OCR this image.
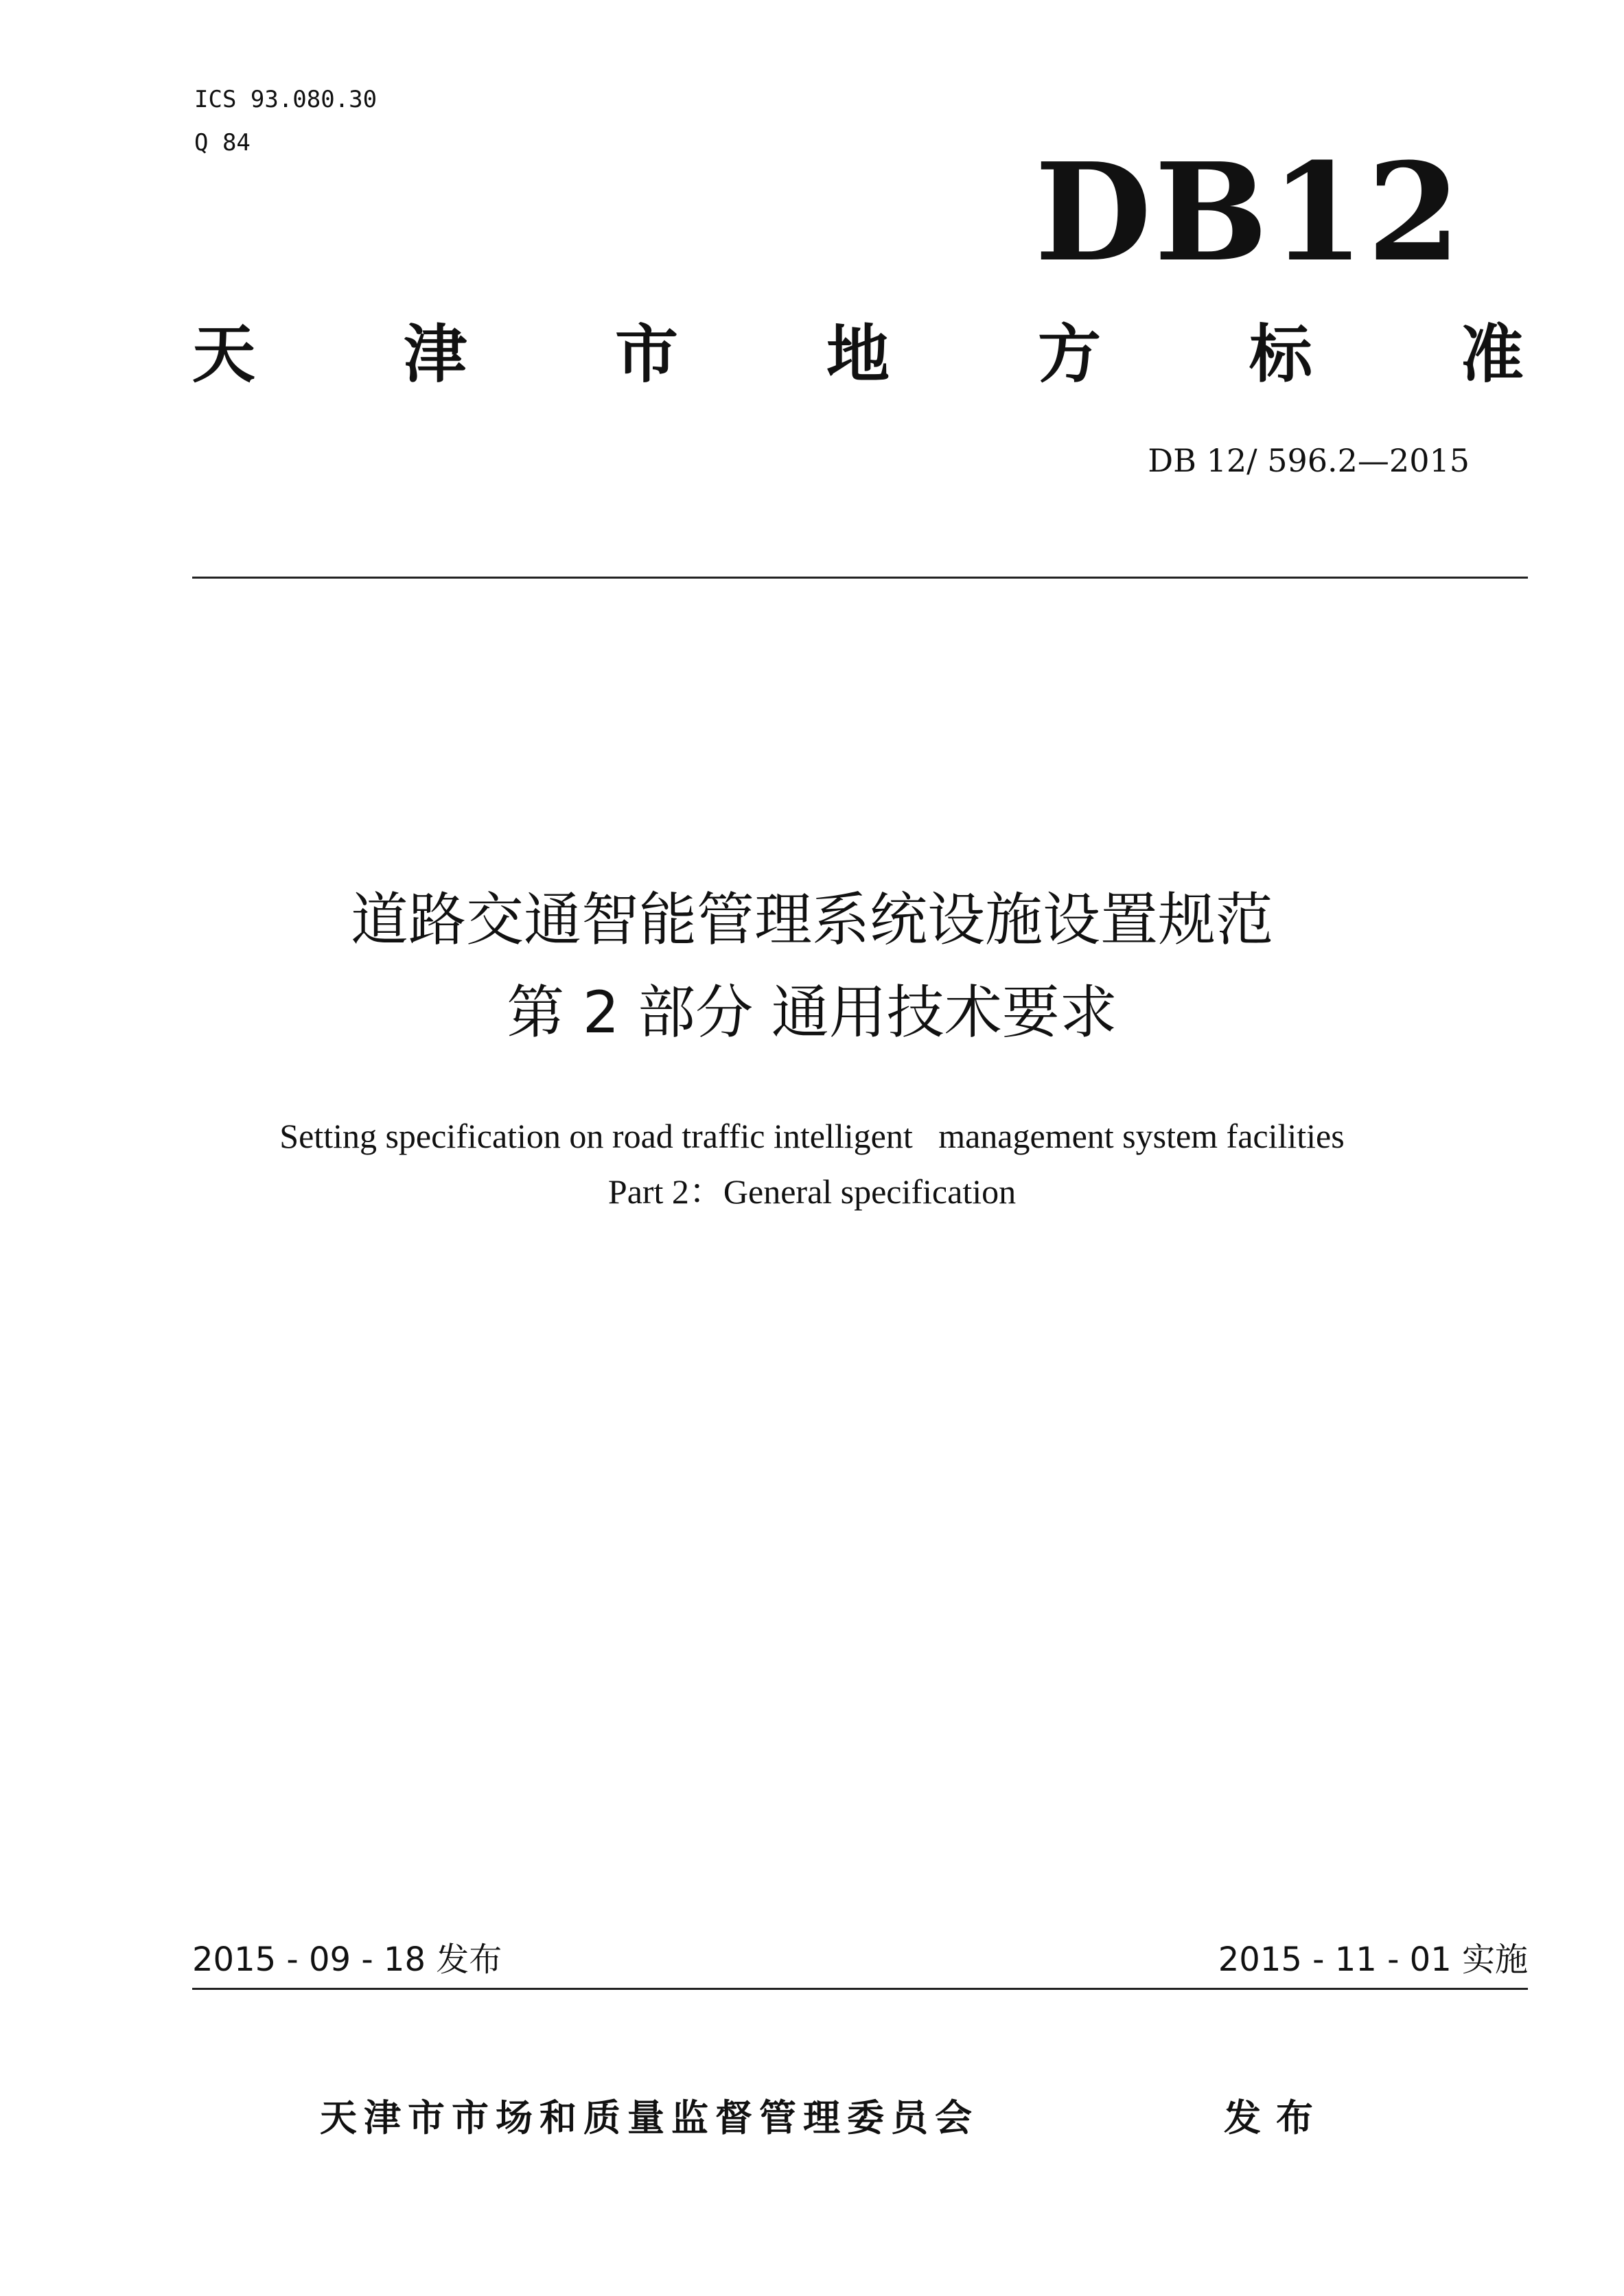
ICS 93.080.30
Q 84	DB12
天 津 市 地 方 标 准
DB 12/ 596.2—2015
道路交通智能管理系统设施设置规范
第 2 部分 通用技术要求
Setting specification on road traffic intelligent   management system facilities
Part 2：General specification
2015 - 09 - 18 发布	2015 - 11 - 01 实施
天津市市场和质量监督管理委员会	发布
